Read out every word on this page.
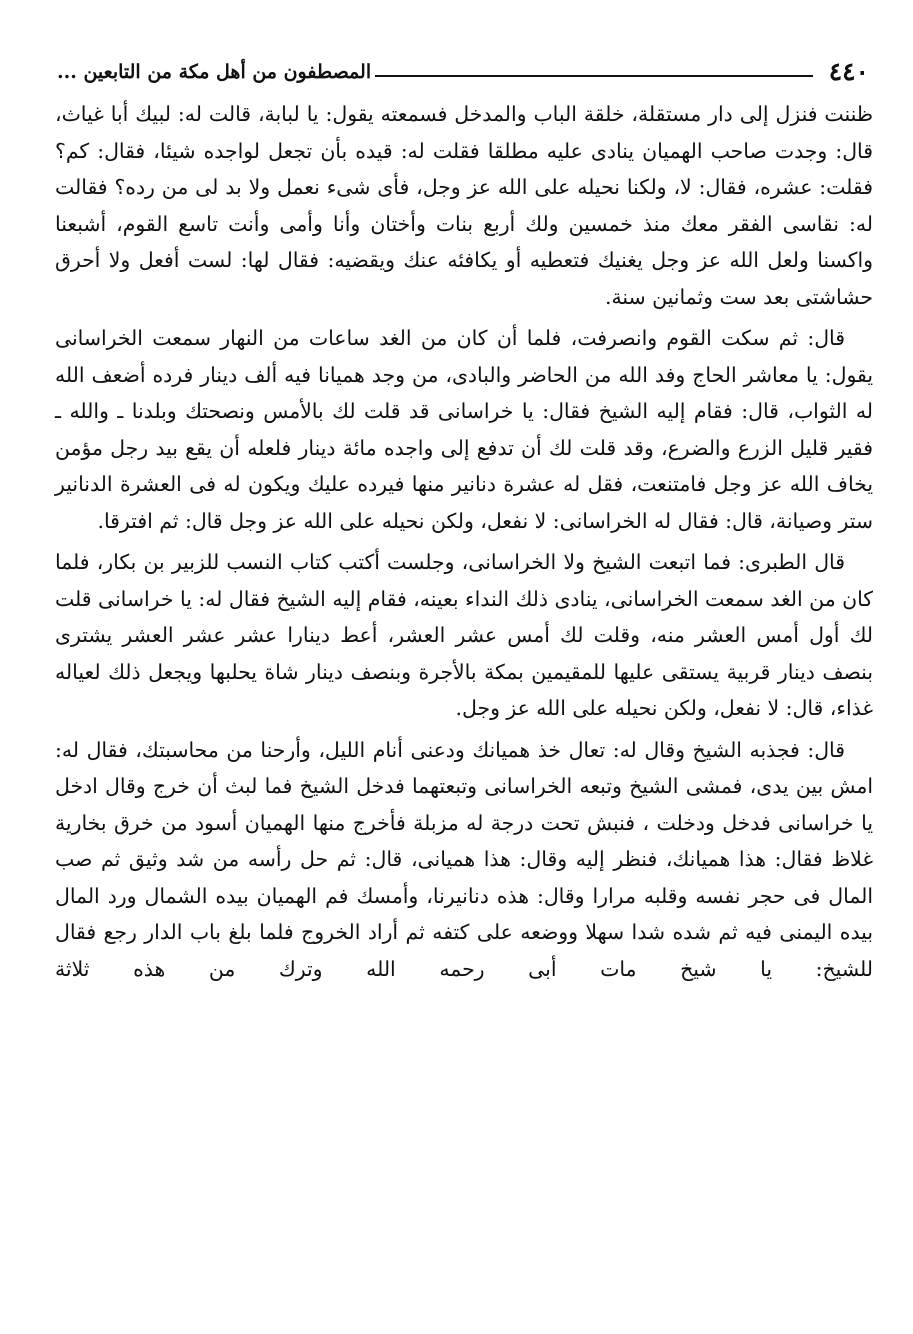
٤٤٠
المصطفون من أهل مكة من التابعين ...

ظننت فنزل إلى دار مستقلة، خلقة الباب والمدخل فسمعته يقول: يا لبابة، قالت له: لبيك أبا غياث، قال: وجدت صاحب الهميان ينادى عليه مطلقا فقلت له: قيده بأن تجعل لواجده شيئا، فقال: كم؟ فقلت: عشره، فقال: لا، ولكنا نحيله على الله عز وجل، فأى شىء نعمل ولا بد لى من رده؟ فقالت له: نقاسى الفقر معك منذ خمسين ولك أربع بنات وأختان وأنا وأمى وأنت تاسع القوم، أشبعنا واكسنا ولعل الله عز وجل يغنيك فتعطيه أو يكافئه عنك ويقضيه: فقال لها: لست أفعل ولا أحرق حشاشتى بعد ست وثمانين سنة.

قال: ثم سكت القوم وانصرفت، فلما أن كان من الغد ساعات من النهار سمعت الخراسانى يقول: يا معاشر الحاج وفد الله من الحاضر والبادى، من وجد هميانا فيه ألف دينار فرده أضعف الله له الثواب، قال: فقام إليه الشيخ فقال: يا خراسانى قد قلت لك بالأمس ونصحتك وبلدنا ـ والله ـ فقير قليل الزرع والضرع، وقد قلت لك أن تدفع إلى واجده مائة دينار فلعله أن يقع بيد رجل مؤمن يخاف الله عز وجل فامتنعت، فقل له عشرة دنانير منها فيرده عليك ويكون له فى العشرة الدنانير ستر وصيانة، قال: فقال له الخراسانى: لا نفعل، ولكن نحيله على الله عز وجل قال: ثم افترقا.

قال الطبرى: فما اتبعت الشيخ ولا الخراسانى، وجلست أكتب كتاب النسب للزبير بن بكار، فلما كان من الغد سمعت الخراسانى، ينادى ذلك النداء بعينه، فقام إليه الشيخ فقال له: يا خراسانى قلت لك أول أمس العشر منه، وقلت لك أمس عشر العشر، أعط دينارا عشر عشر العشر يشترى بنصف دينار قربية يستقى عليها للمقيمين بمكة بالأجرة وبنصف دينار شاة يحلبها ويجعل ذلك لعياله غذاء، قال: لا نفعل، ولكن نحيله على الله عز وجل.

قال: فجذبه الشيخ وقال له: تعال خذ هميانك ودعنى أنام الليل، وأرحنا من محاسبتك، فقال له: امش بين يدى، فمشى الشيخ وتبعه الخراسانى وتبعتهما فدخل الشيخ فما لبث أن خرج وقال ادخل يا خراسانى فدخل ودخلت ، فنبش تحت درجة له مزبلة فأخرج منها الهميان أسود من خرق بخارية غلاظ فقال: هذا هميانك، فنظر إليه وقال: هذا هميانى، قال: ثم حل رأسه من شد وثيق ثم صب المال فى حجر نفسه وقلبه مرارا وقال: هذه دنانيرنا، وأمسك فم الهميان بيده الشمال ورد المال بيده اليمنى فيه ثم شده شدا سهلا ووضعه على كتفه ثم أراد الخروج فلما بلغ باب الدار رجع فقال للشيخ: يا شيخ مات أبى رحمه الله وترك من هذه ثلاثة
